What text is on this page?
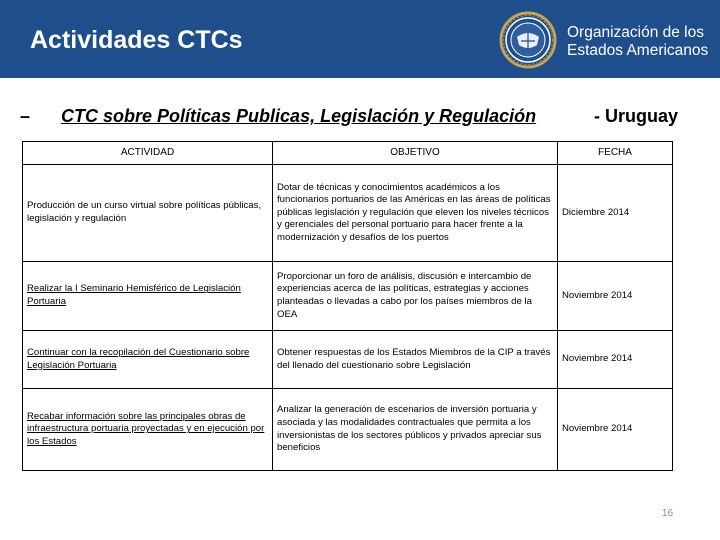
Actividades CTCs	Organización de los
Estados Americanos
– CTC sobre Políticas Publicas, Legislación y Regulación	- Uruguay
ACTIVIDAD	OBJETIVO	FECHA
Producción de un curso virtual sobre políticas públicas, legislación y regulación	Dotar de técnicas y conocimientos académicos a los funcionarios portuarios de las Américas en las áreas de políticas públicas legislación y regulación que eleven los niveles técnicos y gerenciales del personal portuario para hacer frente a la modernización y desafíos de los puertos	Diciembre 2014
Realizar la I Seminario Hemisférico de Legislación Portuaria	Proporcionar un foro de análisis, discusión e intercambio de experiencias acerca de las políticas, estrategias y acciones planteadas o llevadas a cabo por los países miembros de la OEA	Noviembre 2014
Continuar con la recopilación del Cuestionario sobre Legislación Portuaria	Obtener respuestas de los Estados Miembros de la CIP a través del llenado del cuestionario sobre Legislación	Noviembre 2014
Recabar información sobre las principales obras de infraestructura portuaria proyectadas y en ejecución por los Estados	Analizar la generación de escenarios de inversión portuaria y asociada y las modalidades contractuales que permita a los inversionistas de los sectores públicos y privados apreciar sus beneficios	Noviembre 2014
16
